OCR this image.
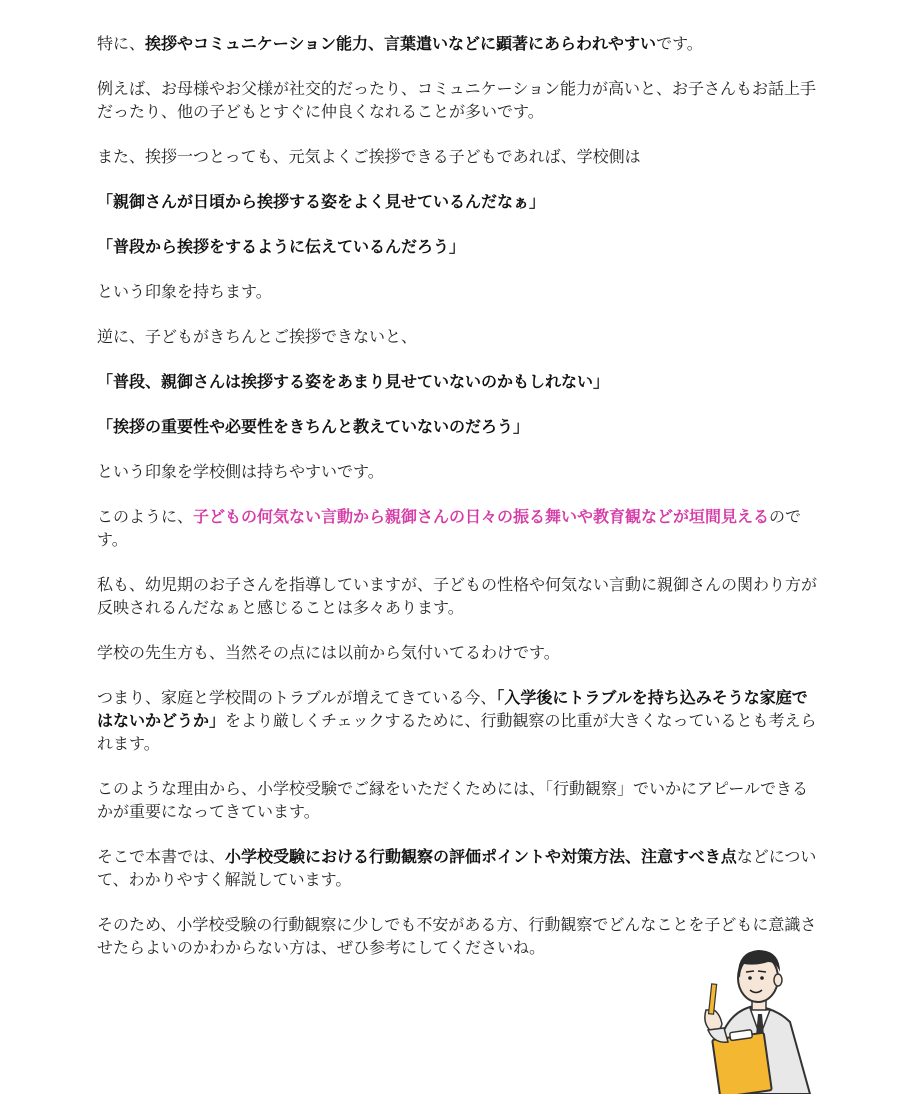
特に、挨拶やコミュニケーション能力、言葉遣いなどに顕著にあらわれやすいです。

例えば、お母様やお父様が社交的だったり、コミュニケーション能力が高いと、お子さんもお話上手だったり、他の子どもとすぐに仲良くなれることが多いです。

また、挨拶一つとっても、元気よくご挨拶できる子どもであれば、学校側は

「親御さんが日頃から挨拶する姿をよく見せているんだなぁ」

「普段から挨拶をするように伝えているんだろう」

という印象を持ちます。

逆に、子どもがきちんとご挨拶できないと、

「普段、親御さんは挨拶する姿をあまり見せていないのかもしれない」

「挨拶の重要性や必要性をきちんと教えていないのだろう」

という印象を学校側は持ちやすいです。

このように、子どもの何気ない言動から親御さんの日々の振る舞いや教育観などが垣間見えるのです。

私も、幼児期のお子さんを指導していますが、子どもの性格や何気ない言動に親御さんの関わり方が反映されるんだなぁと感じることは多々あります。

学校の先生方も、当然その点には以前から気付いてるわけです。

つまり、家庭と学校間のトラブルが増えてきている今、「入学後にトラブルを持ち込みそうな家庭ではないかどうか」をより厳しくチェックするために、行動観察の比重が大きくなっているとも考えられます。

このような理由から、小学校受験でご縁をいただくためには、「行動観察」でいかにアピールできるかが重要になってきています。

そこで本書では、小学校受験における行動観察の評価ポイントや対策方法、注意すべき点などについて、わかりやすく解説しています。

そのため、小学校受験の行動観察に少しでも不安がある方、行動観察でどんなことを子どもに意識させたらよいのかわからない方は、ぜひ参考にしてくださいね。
